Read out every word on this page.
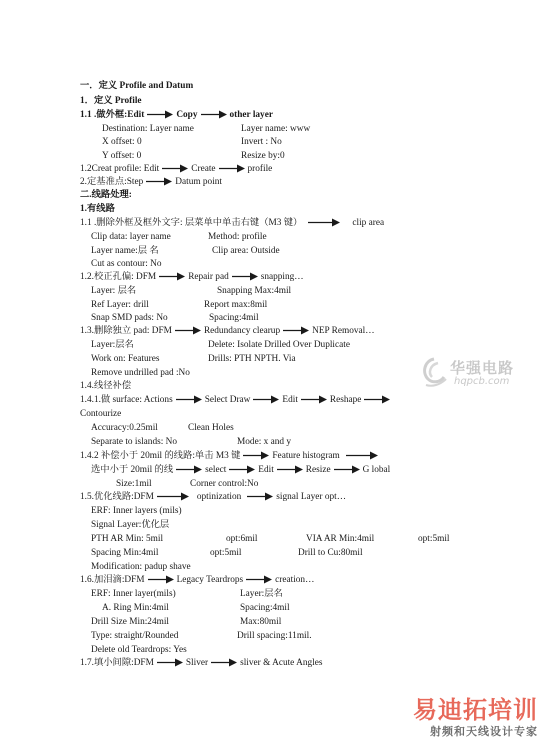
一．定义 Profile and Datum
1．定义 Profile
1.1 .做外框:Edit	Copy	other layer
Destination: Layer name	Layer name: www
X offset: 0	Invert : No
Y offset: 0	Resize by:0
1.2Creat profile: Edit	Create	profile
2.定基准点:Step	Datum point
二.线路处理:
1.有线路
1.1 .删除外框及框外文字: 层菜单中单击右键（M3 键）	clip area
Clip data: layer name	Method: profile
Layer name:层 名	Clip area: Outside
Cut as contour: No
1.2.校正孔偏: DFM	Repair pad	snapping…
Layer: 层名	Snapping Max:4mil
Ref Layer: drill	Report max:8mil
Snap SMD pads: No	Spacing:4mil
1.3.删除独立 pad: DFM	Redundancy clearup	NEP Removal…
Layer:层名	Delete: Isolate Drilled Over Duplicate
Work on: Features	Drills: PTH NPTH. Via
Remove undrilled pad :No
1.4.线径补偿
1.4.1.做 surface: Actions	Select Draw	Edit	Reshape
Contourize
Accuracy:0.25mil	Clean Holes
Separate to islands: No	Mode: x and y
1.4.2 补偿小于 20mil 的线路:单击 M3 键	Feature histogram
选中小于 20mil 的线	select	Edit	Resize	G lobal
Size:1mil	Corner control:No
1.5.优化线路:DFM	optinization	signal Layer opt…
ERF: Inner layers (mils)
Signal Layer:优化层
PTH AR Min: 5mil	opt:6mil	VIA AR Min:4mil	opt:5mil
Spacing Min:4mil	opt:5mil	Drill to Cu:80mil
Modification: padup shave
1.6.加泪滴:DFM	Legacy Teardrops	creation…
ERF: Inner layer(mils)	Layer:层名
A. Ring Min:4mil	Spacing:4mil
Drill Size Min:24mil	Max:80mil
Type: straight/Rounded	Drill spacing:11mil.
Delete old Teardrops: Yes
1.7.填小间隙:DFM	Sliver	sliver & Acute Angles
华强电路
hqpcb.com
易迪拓培训
射频和天线设计专家
